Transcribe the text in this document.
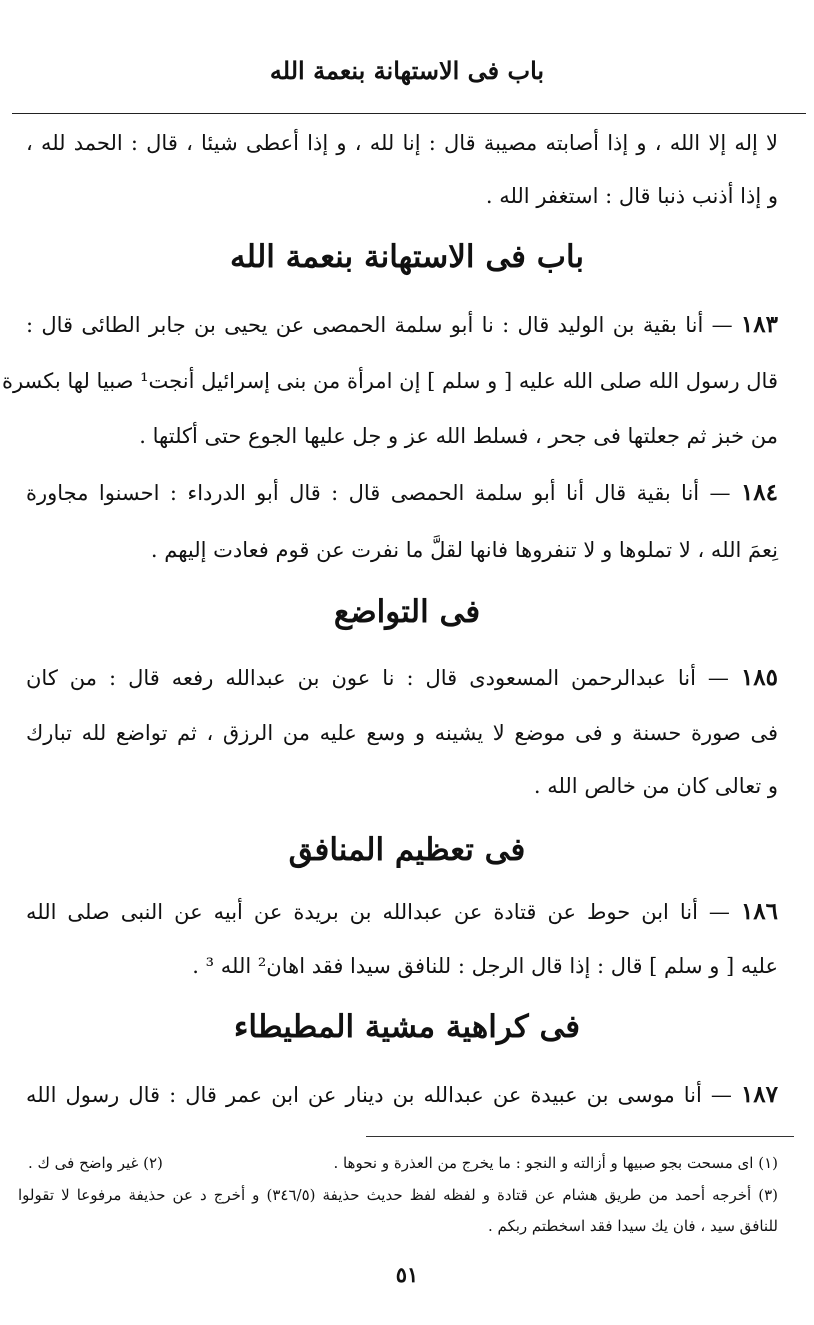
باب فى الاستهانة بنعمة الله
لا إله إلا الله ، و إذا أصابته مصيبة قال : إنا لله ، و إذا أعطى شيئا ، قال : الحمد لله ،
و إذا أذنب ذنبا قال : استغفر الله .
باب فى الاستهانة بنعمة الله
١٨٣ — أنا بقية بن الوليد قال : نا أبو سلمة الحمصى عن يحيى بن جابر الطائى قال :
قال رسول الله صلى الله عليه [ و سلم ] إن امرأة من بنى إسرائيل أنجت¹ صبيا لها بكسرة
من خبز ثم جعلتها فى جحر ، فسلط الله عز و جل عليها الجوع حتى أكلتها .
١٨٤ — أنا بقية قال أنا أبو سلمة الحمصى قال : قال أبو الدرداء : احسنوا مجاورة
نِعمَ الله ، لا تملوها و لا تنفروها فانها لقلَّ ما نفرت عن قوم فعادت إليهم .
فى التواضع
١٨٥ — أنا عبدالرحمن المسعودى قال : نا عون بن عبدالله رفعه قال : من كان
فى صورة حسنة و فى موضع لا يشينه و وسع عليه من الرزق ، ثم تواضع لله تبارك
و تعالى كان من خالص الله .
فى تعظيم المنافق
١٨٦ — أنا ابن حوط عن قتادة عن عبدالله بن بريدة عن أبيه عن النبى صلى الله
عليه [ و سلم ] قال : إذا قال الرجل : للنافق سيدا فقد اهان² الله ³ .
فى كراهية مشية المطيطاء
١٨٧ — أنا موسى بن عبيدة عن عبدالله بن دينار عن ابن عمر قال : قال رسول الله
(١) اى مسحت بجو صبيها و أزالته و النجو : ما يخرج من العذرة و نحوها .
(٢) غير واضح فى ك .
(٣) أخرجه أحمد من طريق هشام عن قتادة و لفظه لفظ حديث حذيفة (٣٤٦/٥) و أخرج د عن حذيفة مرفوعا لا تقولوا
للنافق سيد ، فان يك سيدا فقد اسخطتم ربكم .
٥١
